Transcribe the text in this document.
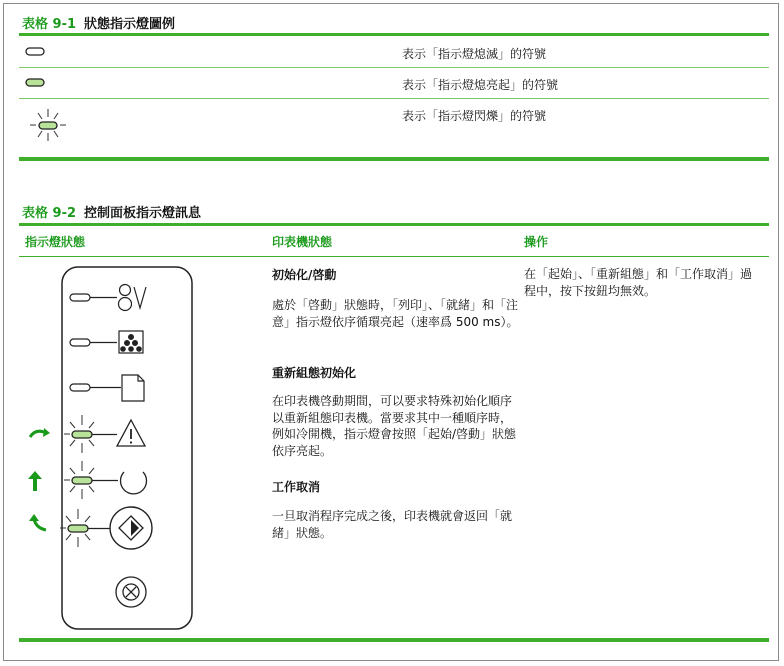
表格 9-1 狀態指示燈圖例
表示「指示燈熄滅」的符號
表示「指示燈熄亮起」的符號
表示「指示燈閃爍」的符號
表格 9-2 控制面板指示燈訊息
指示燈狀態	印表機狀態	操作
初始化/啓動
處於「啓動」狀態時，「列印」、「就緒」和「注意」指示燈依序循環亮起（速率爲 500 ms）。
重新組態初始化
在印表機啓動期間，可以要求特殊初始化順序以重新組態印表機。當要求其中一種順序時，例如冷開機，指示燈會按照「起始/啓動」狀態依序亮起。
工作取消
一旦取消程序完成之後，印表機就會返回「就緒」狀態。
在「起始」、「重新組態」和「工作取消」過程中，按下按鈕均無效。
